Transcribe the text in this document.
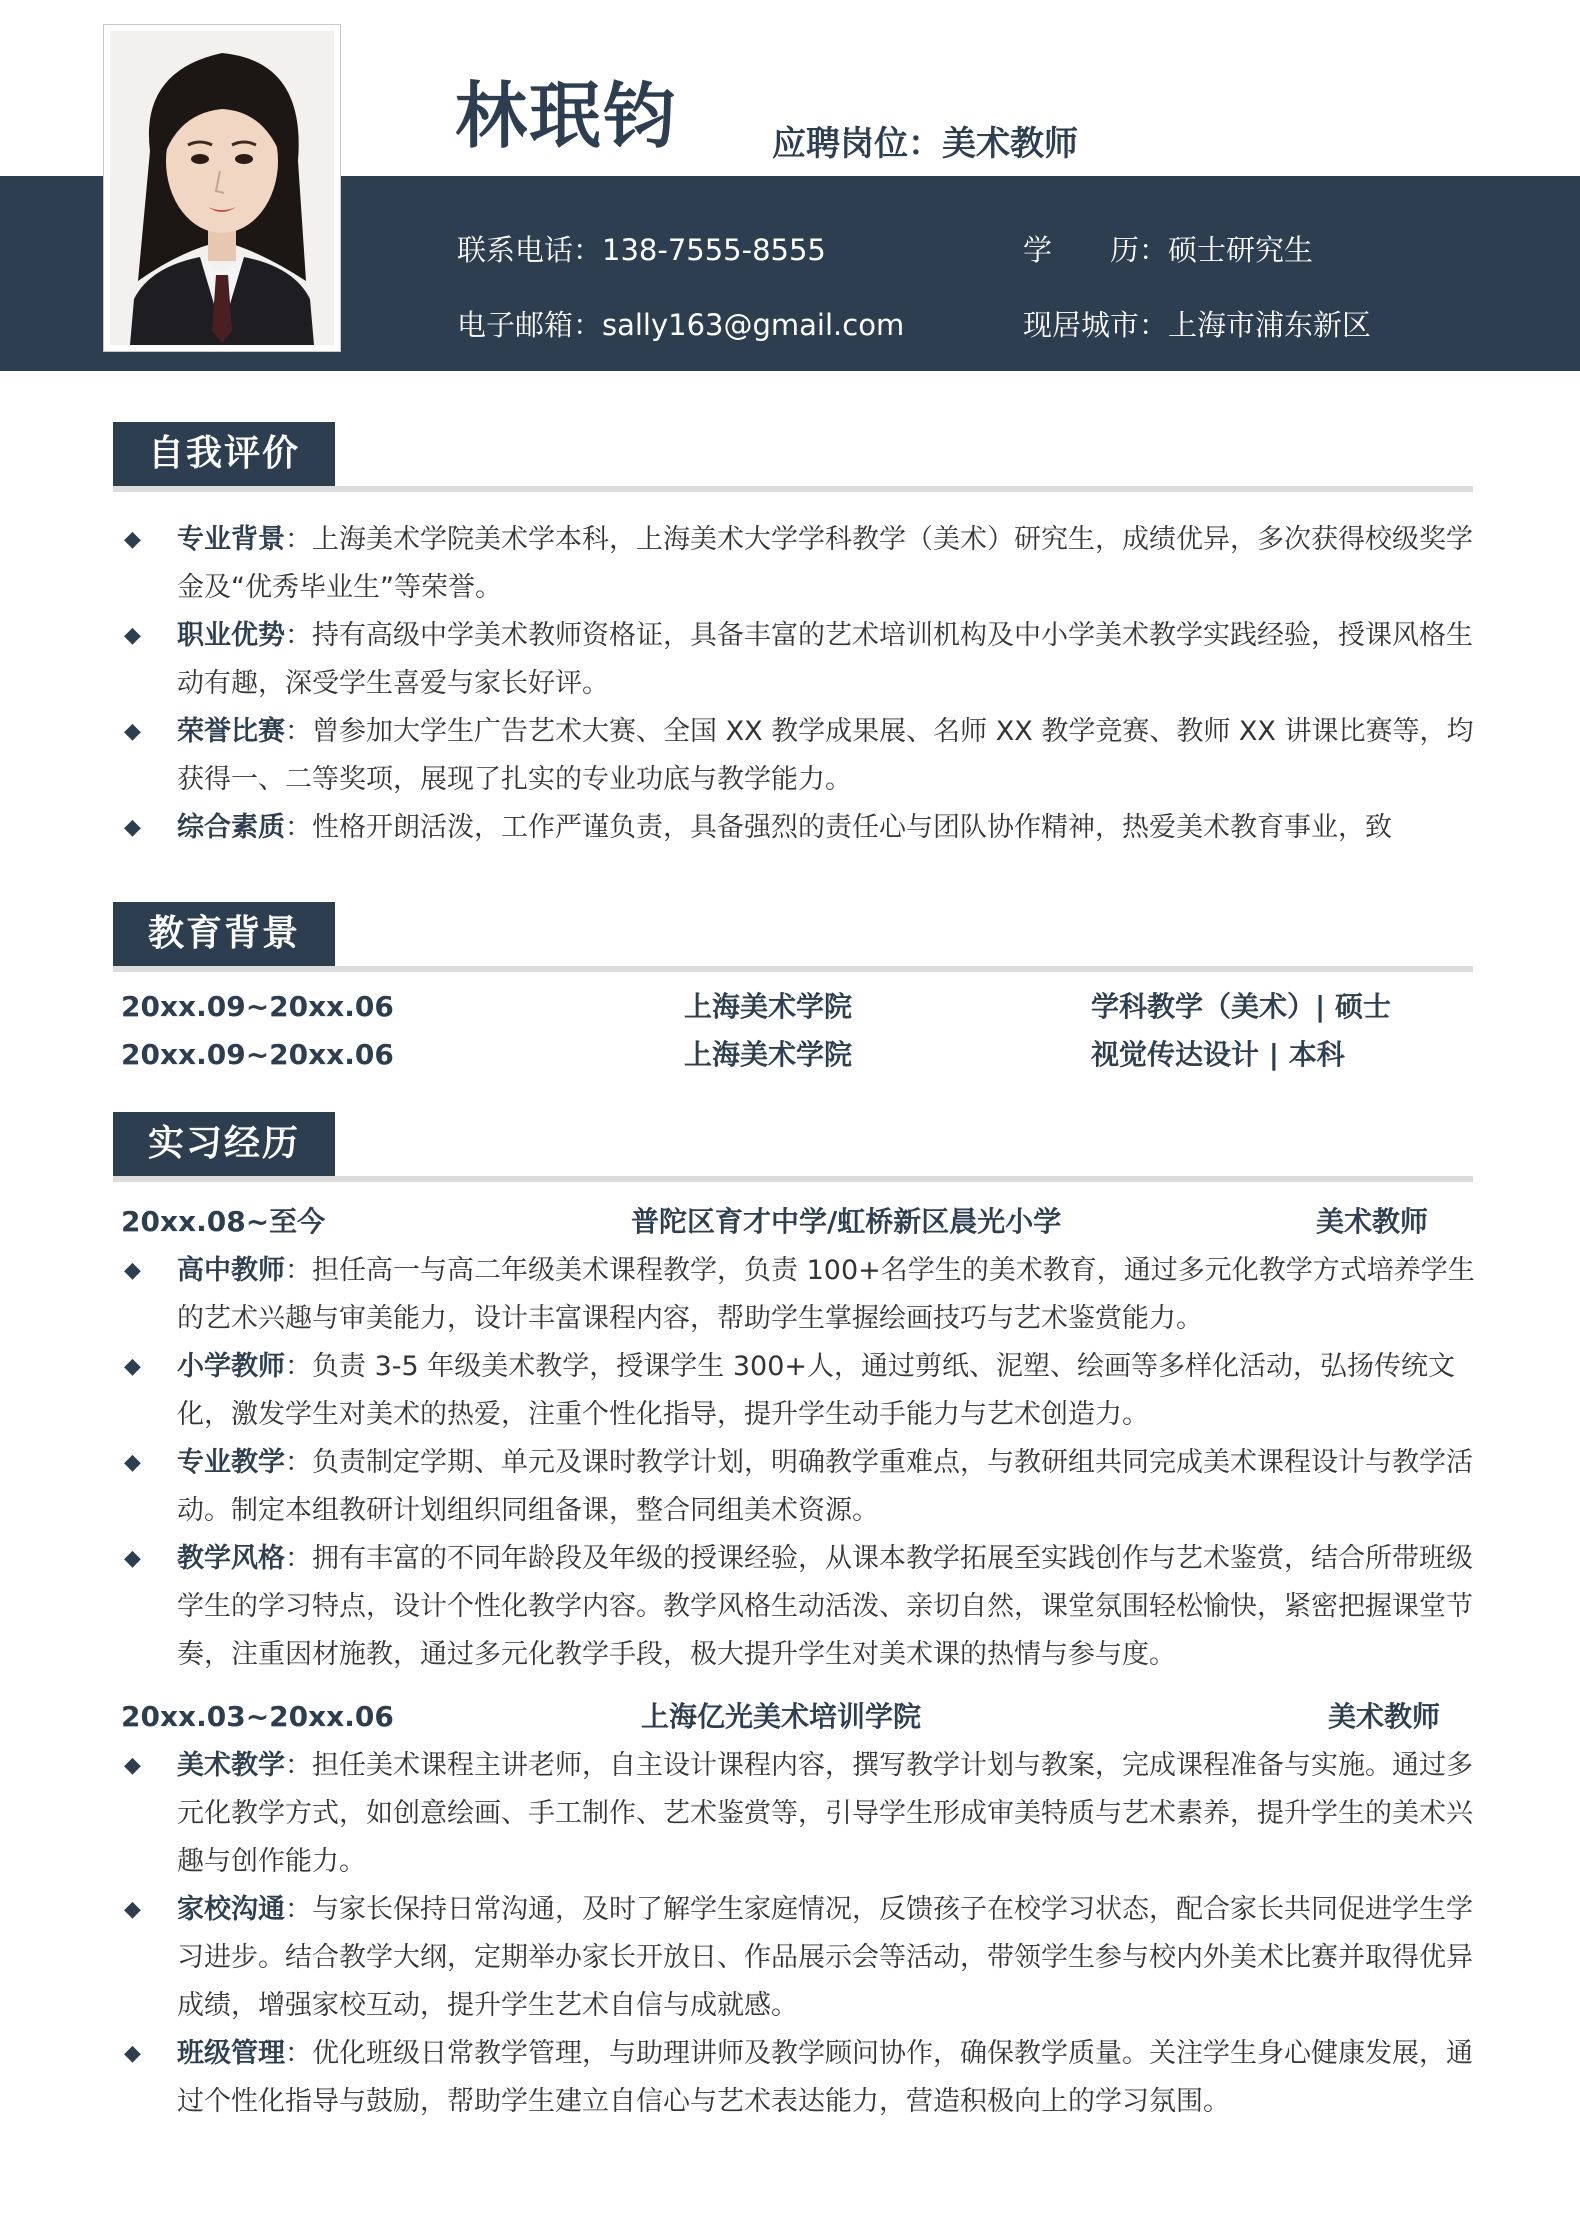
林珉钧	应聘岗位：美术教师
联系电话：138-7555-8555	学　　历：硕士研究生
电子邮箱：sally163@gmail.com	现居城市：上海市浦东新区
自我评价
◆ 专业背景：上海美术学院美术学本科，上海美术大学学科教学（美术）研究生，成绩优异，多次获得校级奖学金及“优秀毕业生”等荣誉。
◆ 职业优势：持有高级中学美术教师资格证，具备丰富的艺术培训机构及中小学美术教学实践经验，授课风格生动有趣，深受学生喜爱与家长好评。
◆ 荣誉比赛：曾参加大学生广告艺术大赛、全国 XX 教学成果展、名师 XX 教学竞赛、教师 XX 讲课比赛等，均获得一、二等奖项，展现了扎实的专业功底与教学能力。
◆ 综合素质：性格开朗活泼，工作严谨负责，具备强烈的责任心与团队协作精神，热爱美术教育事业，致
教育背景
20xx.09~20xx.06	上海美术学院	学科教学（美术）| 硕士
20xx.09~20xx.06	上海美术学院	视觉传达设计 | 本科
实习经历
20xx.08~至今	普陀区育才中学/虹桥新区晨光小学	美术教师
◆ 高中教师：担任高一与高二年级美术课程教学，负责 100+名学生的美术教育，通过多元化教学方式培养学生的艺术兴趣与审美能力，设计丰富课程内容，帮助学生掌握绘画技巧与艺术鉴赏能力。
◆ 小学教师：负责 3-5 年级美术教学，授课学生 300+人，通过剪纸、泥塑、绘画等多样化活动，弘扬传统文化，激发学生对美术的热爱，注重个性化指导，提升学生动手能力与艺术创造力。
◆ 专业教学：负责制定学期、单元及课时教学计划，明确教学重难点，与教研组共同完成美术课程设计与教学活动。制定本组教研计划组织同组备课，整合同组美术资源。
◆ 教学风格：拥有丰富的不同年龄段及年级的授课经验，从课本教学拓展至实践创作与艺术鉴赏，结合所带班级学生的学习特点，设计个性化教学内容。教学风格生动活泼、亲切自然，课堂氛围轻松愉快，紧密把握课堂节奏，注重因材施教，通过多元化教学手段，极大提升学生对美术课的热情与参与度。
20xx.03~20xx.06	上海亿光美术培训学院	美术教师
◆ 美术教学：担任美术课程主讲老师，自主设计课程内容，撰写教学计划与教案，完成课程准备与实施。通过多元化教学方式，如创意绘画、手工制作、艺术鉴赏等，引导学生形成审美特质与艺术素养，提升学生的美术兴趣与创作能力。
◆ 家校沟通：与家长保持日常沟通，及时了解学生家庭情况，反馈孩子在校学习状态，配合家长共同促进学生学习进步。结合教学大纲，定期举办家长开放日、作品展示会等活动，带领学生参与校内外美术比赛并取得优异成绩，增强家校互动，提升学生艺术自信与成就感。
◆ 班级管理：优化班级日常教学管理，与助理讲师及教学顾问协作，确保教学质量。关注学生身心健康发展，通过个性化指导与鼓励，帮助学生建立自信心与艺术表达能力，营造积极向上的学习氛围。
